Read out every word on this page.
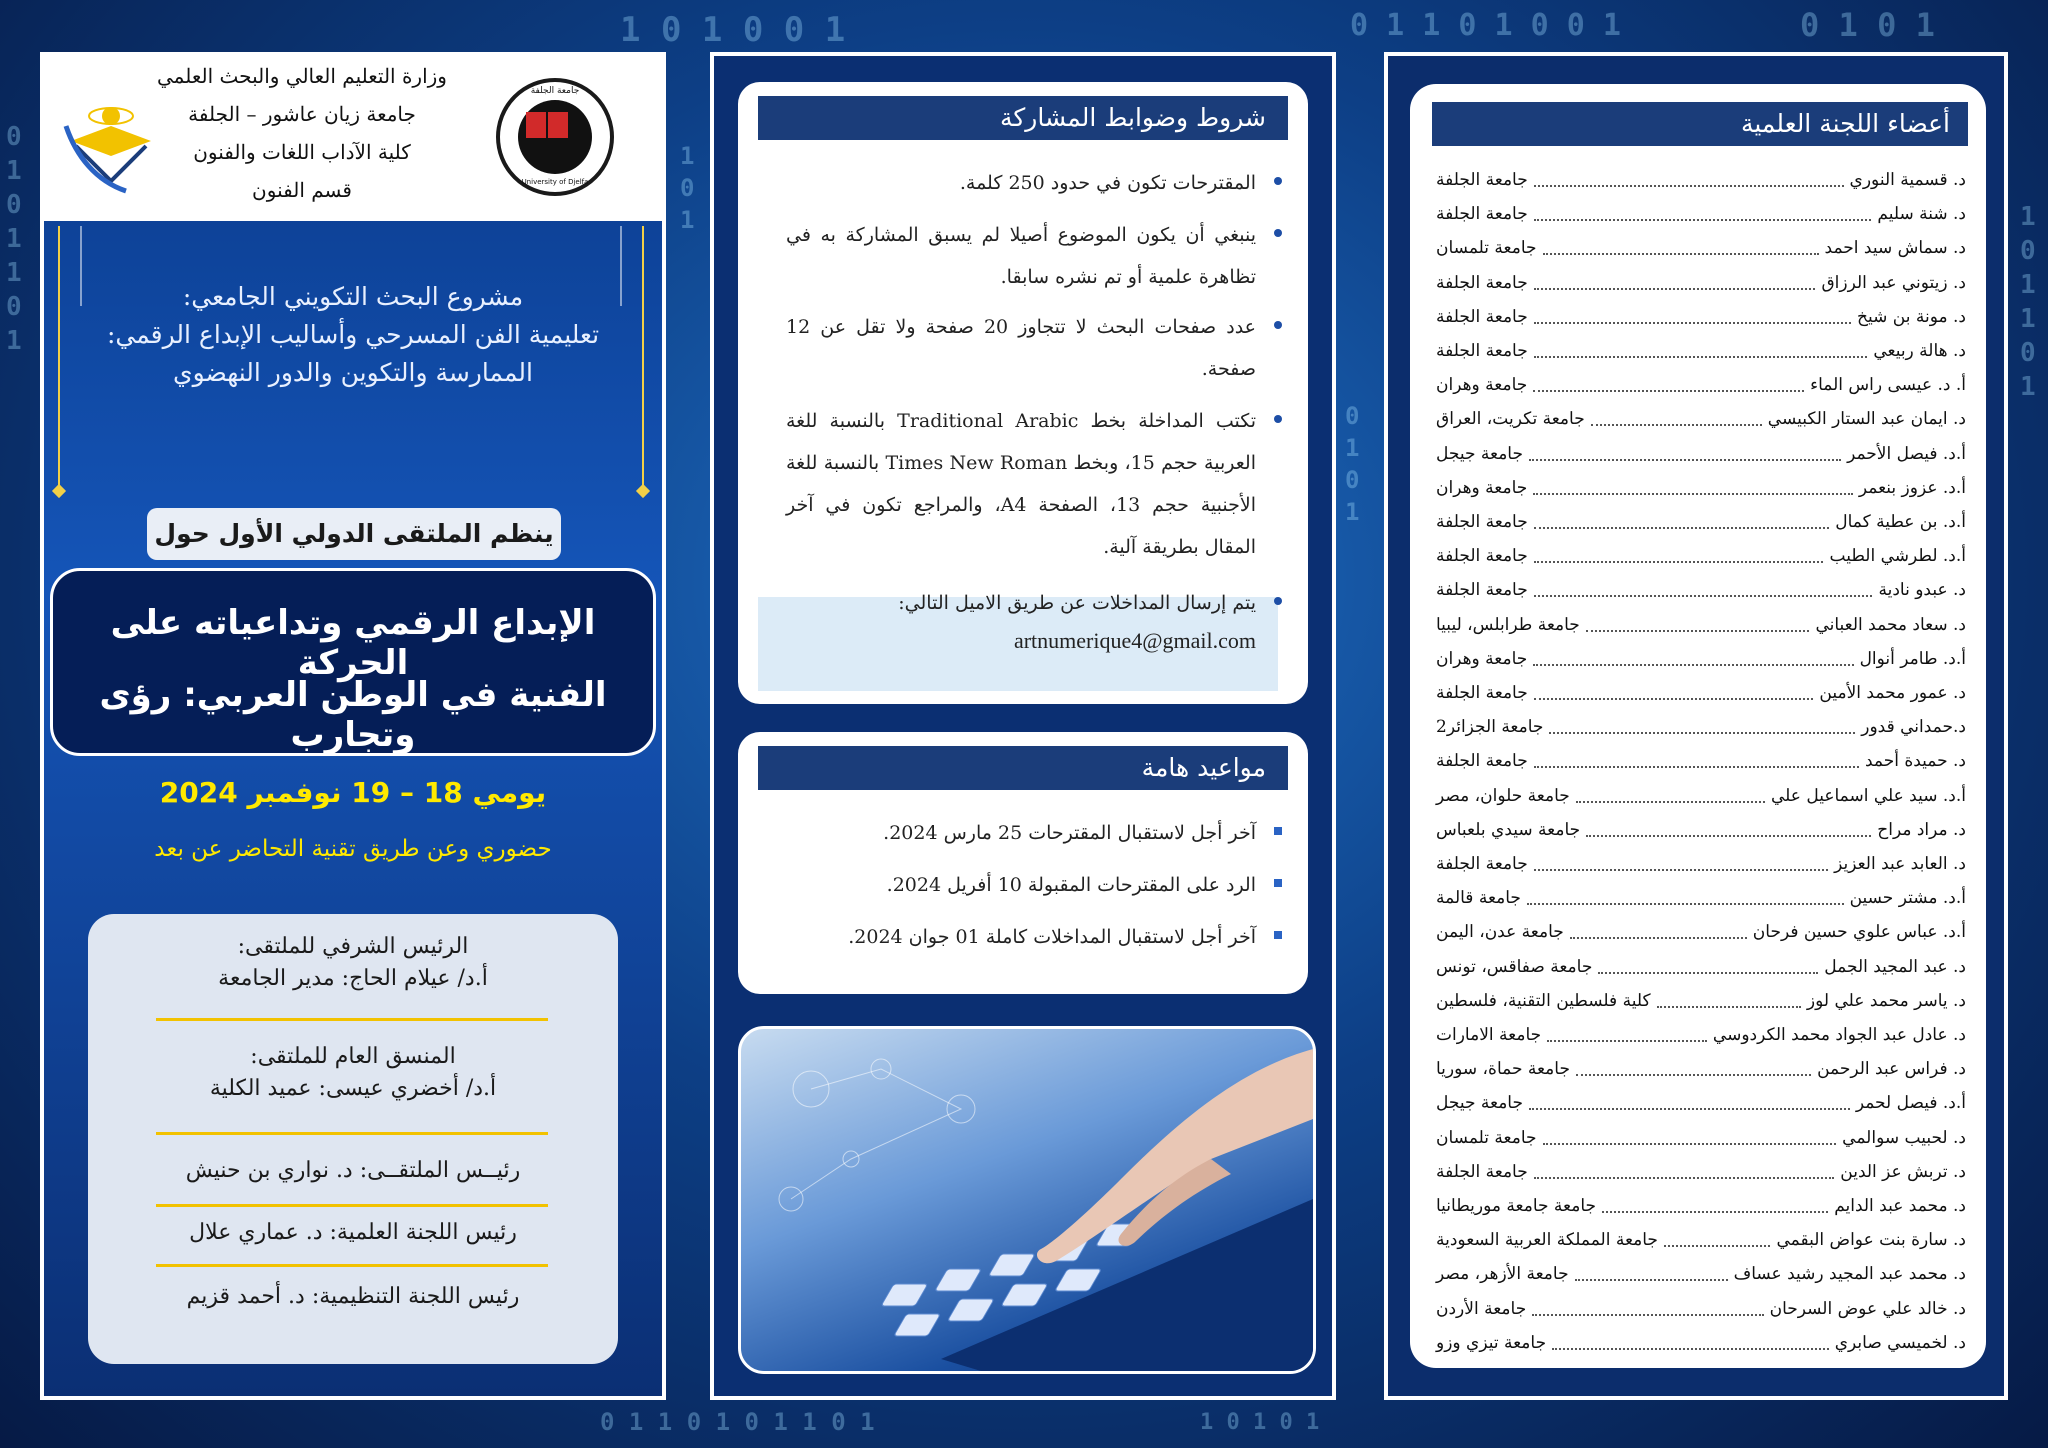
1 0 1 0 0 1	0 1 1 0 1 0 0 1	0 1 0 1
0
1
0
1
1
0
1
1
0
1
1
0
1
1
0
1
0
1
0
1
0 1 1 0 1 0 1 1 0 1	1 0 1 0 1
وزارة التعليم العالي والبحث العلمي
جامعة زيان عاشور – الجلفة
كلية الآداب اللغات والفنون
قسم الفنون
جامعة الجلفة
University of Djelfa
مشروع البحث التكويني الجامعي:
تعليمية الفن المسرحي وأساليب الإبداع الرقمي:
الممارسة والتكوين والدور النهضوي
ينظم الملتقى الدولي الأول حول
الإبداع الرقمي وتداعياته على الحركة
الفنية في الوطن العربي: رؤى وتجارب
يومي 18 – 19 نوفمبر 2024
حضوري وعن طريق تقنية التحاضر عن بعد
الرئيس الشرفي للملتقى:
أ.د/ عيلام الحاج: مدير الجامعة
المنسق العام للملتقى:
أ.د/ أخضري عيسى: عميد الكلية
رئيــس الملتقــى: د. نواري بن حنيش
رئيس اللجنة العلمية: د. عماري علال
رئيس اللجنة التنظيمية: د. أحمد قزيم
شروط وضوابط المشاركة
المقترحات تكون في حدود 250 كلمة.
ينبغي أن يكون الموضوع أصيلا لم يسبق المشاركة به في تظاهرة علمية أو تم نشره سابقا.
عدد صفحات البحث لا تتجاوز 20 صفحة ولا تقل عن 12 صفحة.
تكتب المداخلة بخط Traditional Arabic بالنسبة للغة العربية حجم 15، وبخط Times New Roman بالنسبة للغة الأجنبية حجم 13، الصفحة A4، والمراجع تكون في آخر المقال بطريقة آلية.
يتم إرسال المداخلات عن طريق الاميل التالي:
artnumerique4@gmail.com
مواعيد هامة
آخر أجل لاستقبال المقترحات 25 مارس 2024.
الرد على المقترحات المقبولة 10 أفريل 2024.
آخر أجل لاستقبال المداخلات كاملة 01 جوان 2024.
أعضاء اللجنة العلمية
جامعة الجلفة	د. قسمية النوري
جامعة الجلفة	د. شنة سليم
جامعة تلمسان	د. سماش سيد احمد
جامعة الجلفة	د. زيتوني عبد الرزاق
جامعة الجلفة	د. مونة بن شيخ
جامعة الجلفة	د. هالة ربيعي
جامعة وهران	أ. د. عيسى راس الماء
جامعة تكريت، العراق	د. ايمان عبد الستار الكبيسي
جامعة جيجل	أ.د. فيصل الأحمر
جامعة وهران	أ.د. عزوز بنعمر
جامعة الجلفة	أ.د. بن عطية كمال
جامعة الجلفة	أ.د. لطرشي الطيب
جامعة الجلفة	د. عبدو نادية
جامعة طرابلس، ليبيا	د. سعاد محمد العباني
جامعة وهران	أ.د. طامر أنوال
جامعة الجلفة	د. عمور محمد الأمين
جامعة الجزائر2	د.حمداني قدور
جامعة الجلفة	د. حميدة أحمد
جامعة حلوان، مصر	أ.د. سيد علي اسماعيل علي
جامعة سيدي بلعباس	د. مراد مراح
جامعة الجلفة	د. العابد عبد العزيز
جامعة قالمة	أ.د. مشتر حسين
جامعة عدن، اليمن	أ.د. عباس علوي حسين فرحان
جامعة صفاقس، تونس	د. عبد المجيد الجمل
كلية فلسطين التقنية، فلسطين	د. ياسر محمد علي لوز
جامعة الامارات	د. عادل عبد الجواد محمد الكردوسي
جامعة حماة، سوريا	د. فراس عبد الرحمن
جامعة جيجل	أ.د. فيصل لحمر
جامعة تلمسان	د. لحبيب سوالمي
جامعة الجلفة	د. تربش عز الدين
جامعة جامعة موريطانيا	د. محمد عبد الدايم
جامعة المملكة العربية السعودية	د. سارة بنت عواض البقمي
جامعة الأزهر، مصر	د. محمد عبد المجيد رشيد عساف
جامعة الأردن	د. خالد علي عوض السرحان
جامعة تيزي وزو	د. لخميسي صابري
